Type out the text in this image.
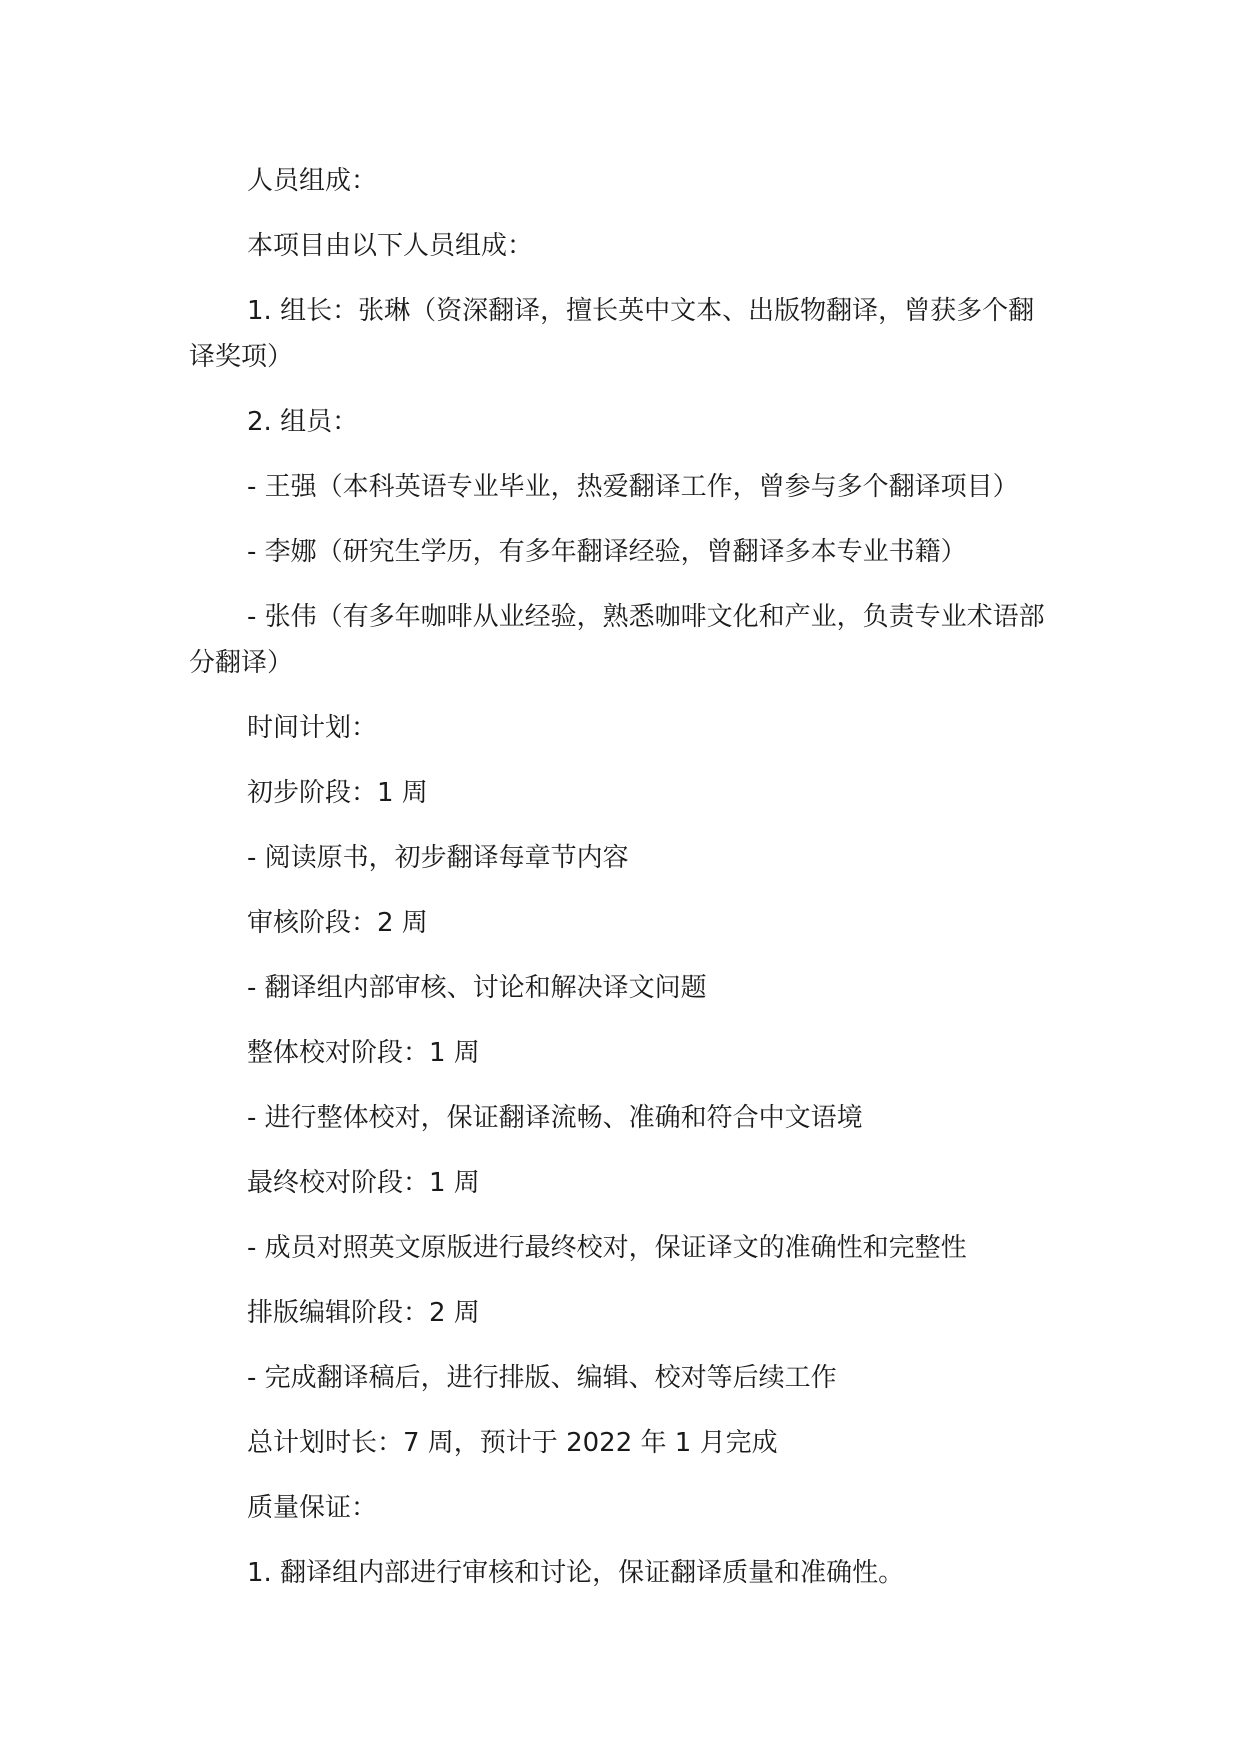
人员组成：

本项目由以下人员组成：

1. 组长：张琳（资深翻译，擅长英中文本、出版物翻译，曾获多个翻译奖项）

2. 组员：

- 王强（本科英语专业毕业，热爱翻译工作，曾参与多个翻译项目）

- 李娜（研究生学历，有多年翻译经验，曾翻译多本专业书籍）

- 张伟（有多年咖啡从业经验，熟悉咖啡文化和产业，负责专业术语部分翻译）

时间计划：

初步阶段：1 周

- 阅读原书，初步翻译每章节内容

审核阶段：2 周

- 翻译组内部审核、讨论和解决译文问题

整体校对阶段：1 周

- 进行整体校对，保证翻译流畅、准确和符合中文语境

最终校对阶段：1 周

- 成员对照英文原版进行最终校对，保证译文的准确性和完整性

排版编辑阶段：2 周

- 完成翻译稿后，进行排版、编辑、校对等后续工作

总计划时长：7 周，预计于 2022 年 1 月完成

质量保证：

1. 翻译组内部进行审核和讨论，保证翻译质量和准确性。
